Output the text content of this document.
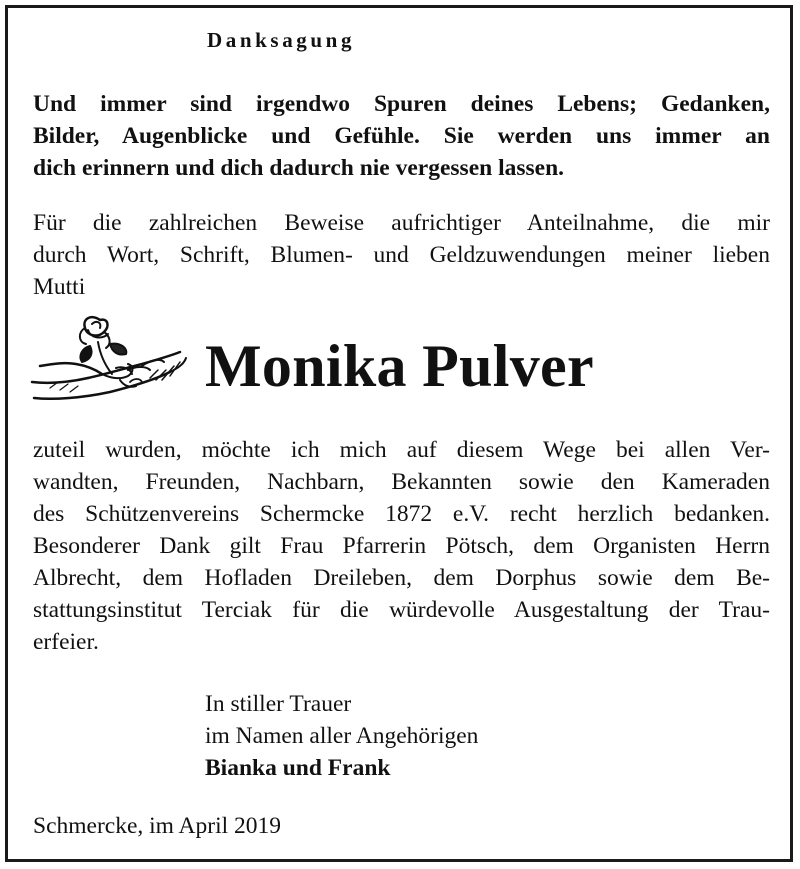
Danksagung
Und immer sind irgendwo Spuren deines Lebens; Gedanken,
Bilder, Augenblicke und Gefühle. Sie werden uns immer an
dich erinnern und dich dadurch nie vergessen lassen.
Für die zahlreichen Beweise aufrichtiger Anteilnahme, die mir
durch Wort, Schrift, Blumen- und Geldzuwendungen meiner lieben
Mutti
Monika Pulver
zuteil wurden, möchte ich mich auf diesem Wege bei allen Ver-
wandten, Freunden, Nachbarn, Bekannten sowie den Kameraden
des Schützenvereins Schermcke 1872 e.V. recht herzlich bedanken.
Besonderer Dank gilt Frau Pfarrerin Pötsch, dem Organisten Herrn
Albrecht, dem Hofladen Dreileben, dem Dorphus sowie dem Be-
stattungsinstitut Terciak für die würdevolle Ausgestaltung der Trau-
erfeier.
In stiller Trauer
im Namen aller Angehörigen
Bianka und Frank
Schmercke, im April 2019
